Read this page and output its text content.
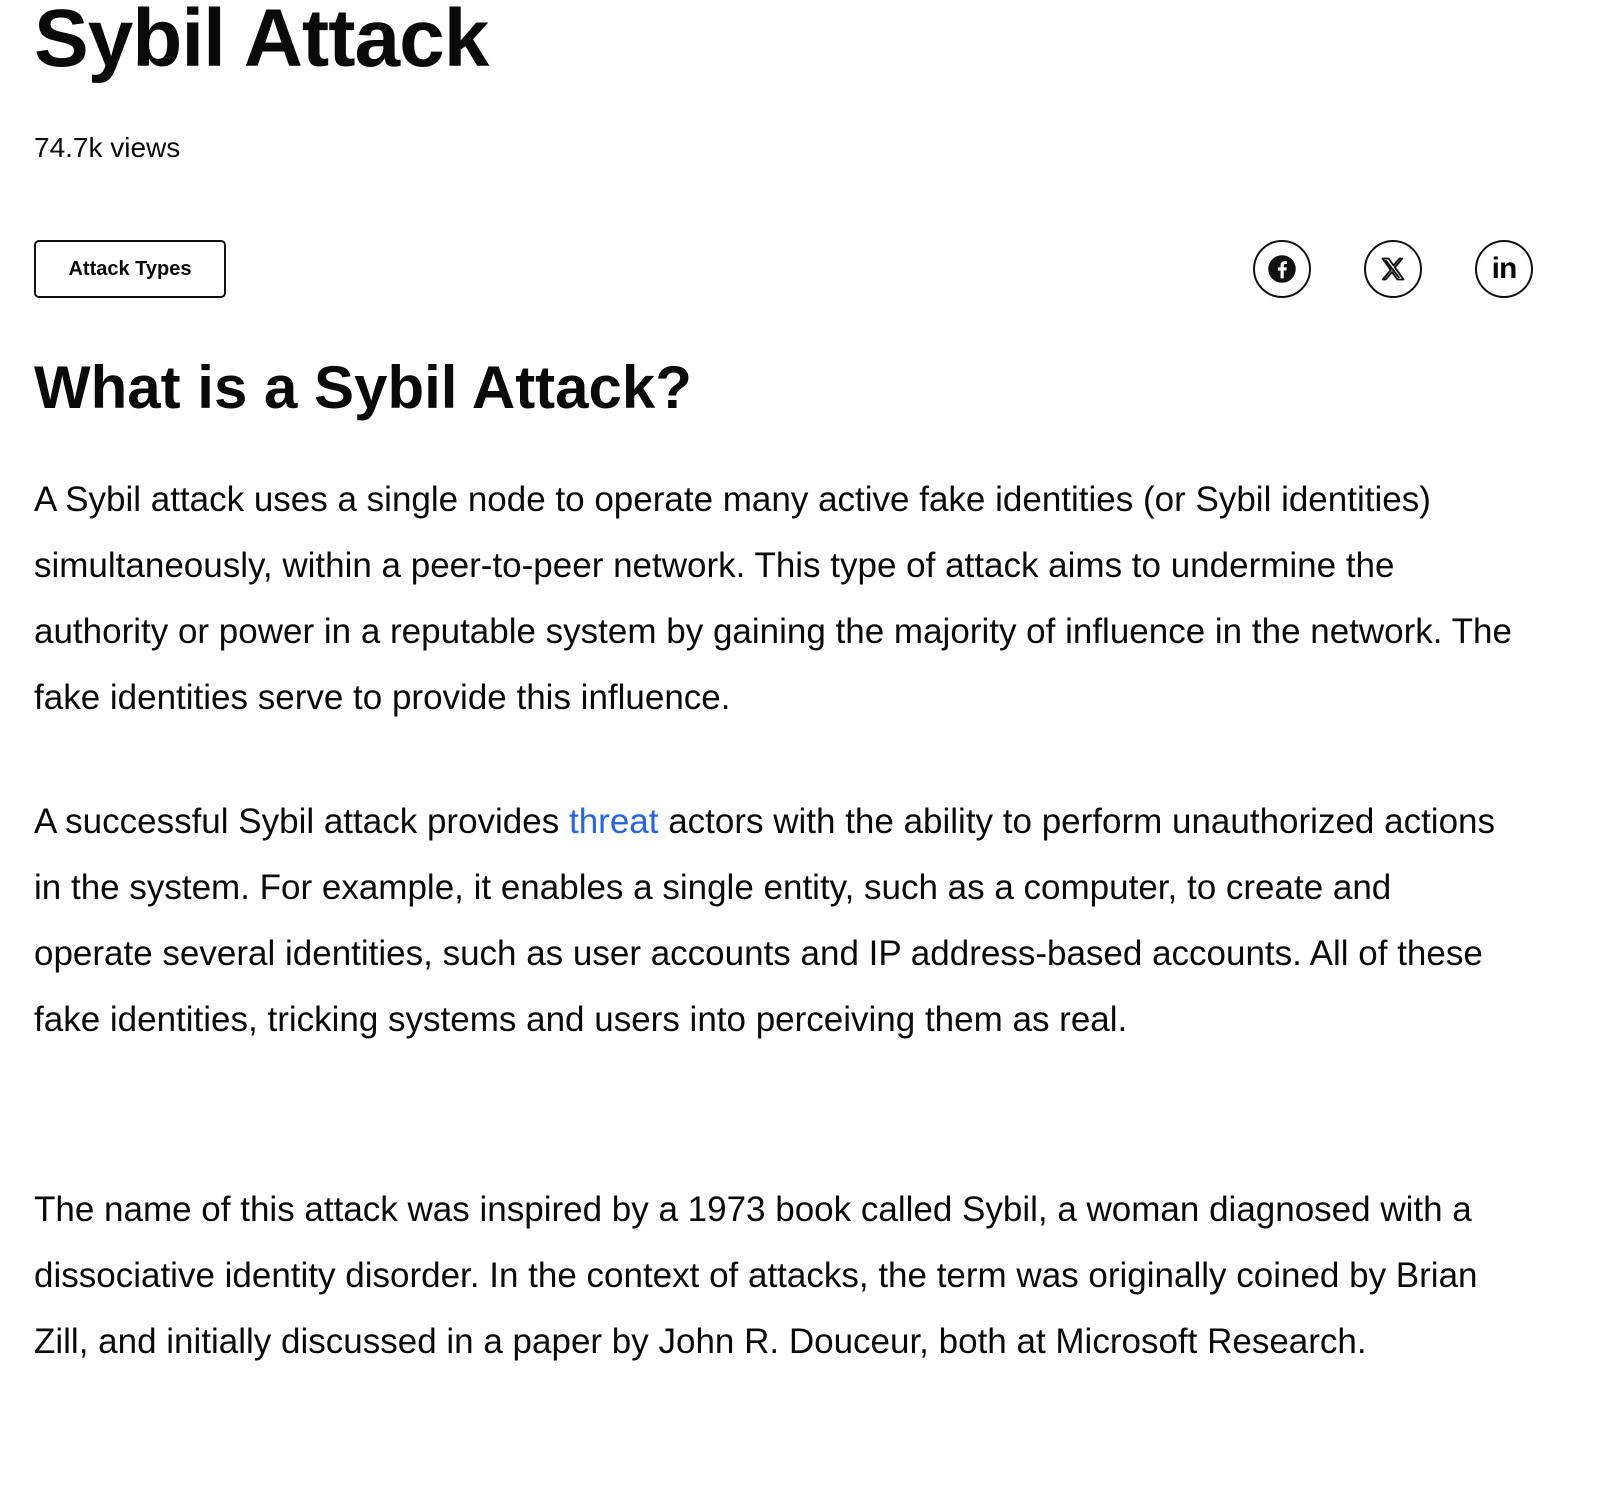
Sybil Attack
74.7k views
Attack Types	in
What is a Sybil Attack?

A Sybil attack uses a single node to operate many active fake identities (or Sybil identities) simultaneously, within a peer-to-peer network. This type of attack aims to undermine the authority or power in a reputable system by gaining the majority of influence in the network. The fake identities serve to provide this influence.

A successful Sybil attack provides threat actors with the ability to perform unauthorized actions in the system. For example, it enables a single entity, such as a computer, to create and operate several identities, such as user accounts and IP address-based accounts. All of these fake identities, tricking systems and users into perceiving them as real.

The name of this attack was inspired by a 1973 book called Sybil, a woman diagnosed with a dissociative identity disorder. In the context of attacks, the term was originally coined by Brian Zill, and initially discussed in a paper by John R. Douceur, both at Microsoft Research.
